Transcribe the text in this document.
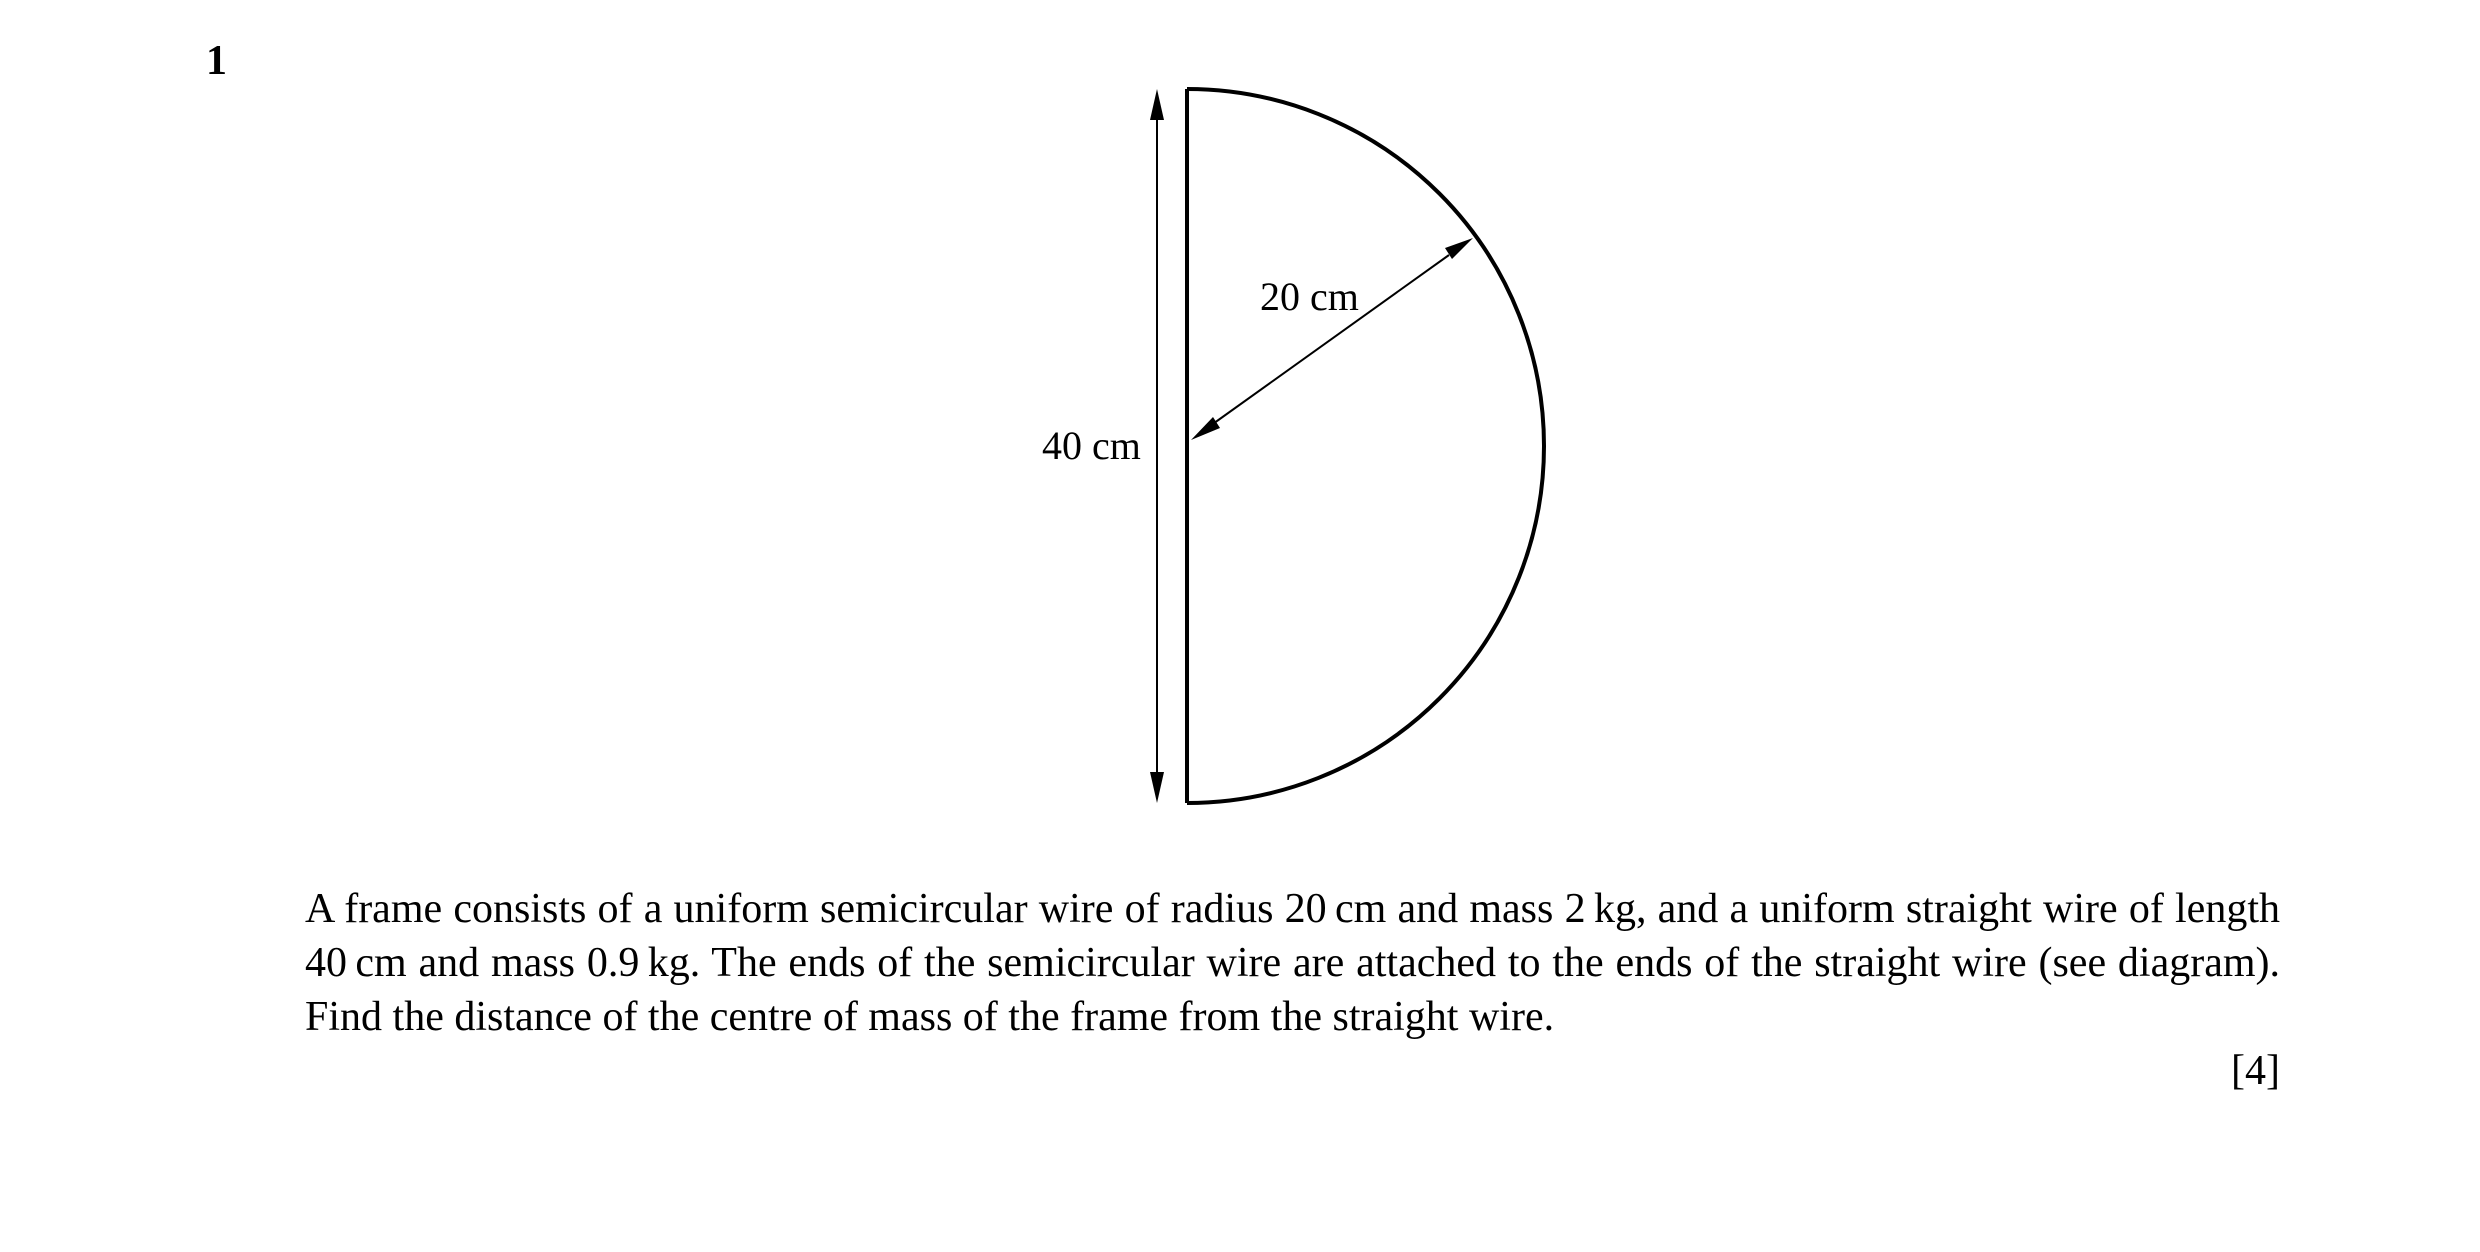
1
20 cm
40 cm

A frame consists of a uniform semicircular wire of radius 20 cm and mass 2 kg, and a uniform straight wire of length 40 cm and mass 0.9 kg. The ends of the semicircular wire are attached to the ends of the straight wire (see diagram). Find the distance of the centre of mass of the frame from the straight wire.

[4]
